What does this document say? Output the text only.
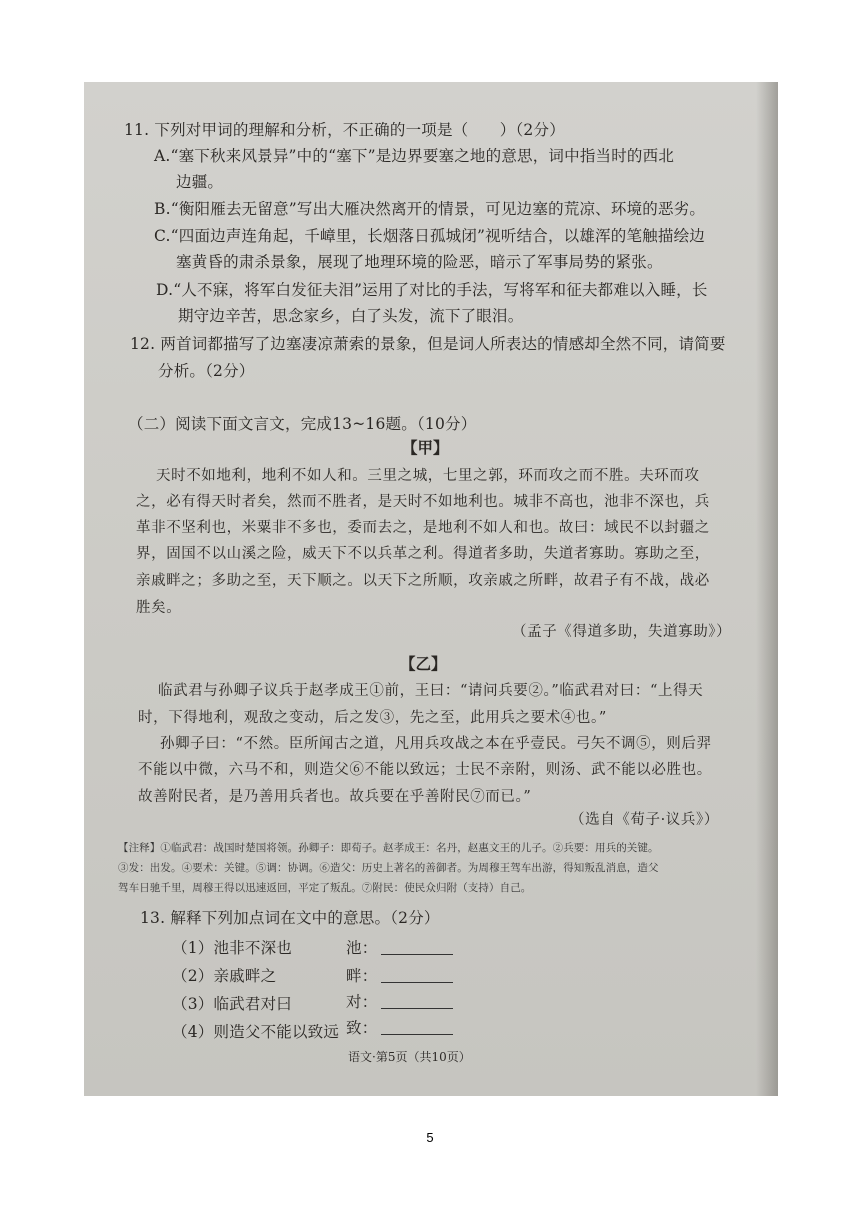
11. 下列对甲词的理解和分析，不正确的一项是（　　）（2分）
A.“塞下秋来风景异”中的“塞下”是边界要塞之地的意思，词中指当时的西北
边疆。
B.“衡阳雁去无留意”写出大雁决然离开的情景，可见边塞的荒凉、环境的恶劣。
C.“四面边声连角起，千嶂里，长烟落日孤城闭”视听结合，以雄浑的笔触描绘边
塞黄昏的肃杀景象，展现了地理环境的险恶，暗示了军事局势的紧张。
D.“人不寐，将军白发征夫泪”运用了对比的手法，写将军和征夫都难以入睡，长
期守边辛苦，思念家乡，白了头发，流下了眼泪。
12. 两首词都描写了边塞凄凉萧索的景象，但是词人所表达的情感却全然不同，请简要
分析。（2分）
（二）阅读下面文言文，完成13~16题。（10分）
【甲】
天时不如地利，地利不如人和。三里之城，七里之郭，环而攻之而不胜。夫环而攻
之，必有得天时者矣，然而不胜者，是天时不如地利也。城非不高也，池非不深也，兵
革非不坚利也，米粟非不多也，委而去之，是地利不如人和也。故曰：域民不以封疆之
界，固国不以山溪之险，威天下不以兵革之利。得道者多助，失道者寡助。寡助之至，
亲戚畔之；多助之至，天下顺之。以天下之所顺，攻亲戚之所畔，故君子有不战，战必
胜矣。
（孟子《得道多助，失道寡助》）
【乙】
临武君与孙卿子议兵于赵孝成王①前，王曰：“请问兵要②。”临武君对曰：“上得天
时，下得地利，观敌之变动，后之发③，先之至，此用兵之要术④也。”
孙卿子曰：“不然。臣所闻古之道，凡用兵攻战之本在乎壹民。弓矢不调⑤，则后羿
不能以中微，六马不和，则造父⑥不能以致远；士民不亲附，则汤、武不能以必胜也。
故善附民者，是乃善用兵者也。故兵要在乎善附民⑦而已。”
（选自《荀子·议兵》）
【注释】①临武君：战国时楚国将领。孙卿子：即荀子。赵孝成王：名丹，赵惠文王的儿子。②兵要：用兵的关键。
③发：出发。④要术：关键。⑤调：协调。⑥造父：历史上著名的善御者。为周穆王驾车出游，得知叛乱消息，造父
驾车日驰千里，周穆王得以迅速返回，平定了叛乱。⑦附民：使民众归附（支持）自己。
13. 解释下列加点词在文中的意思。（2分）
（1）池非不深也	池：
（2）亲戚畔之	畔：
（3）临武君对曰	对：
（4）则造父不能以致远 致：
语文·第5页（共10页）
5
